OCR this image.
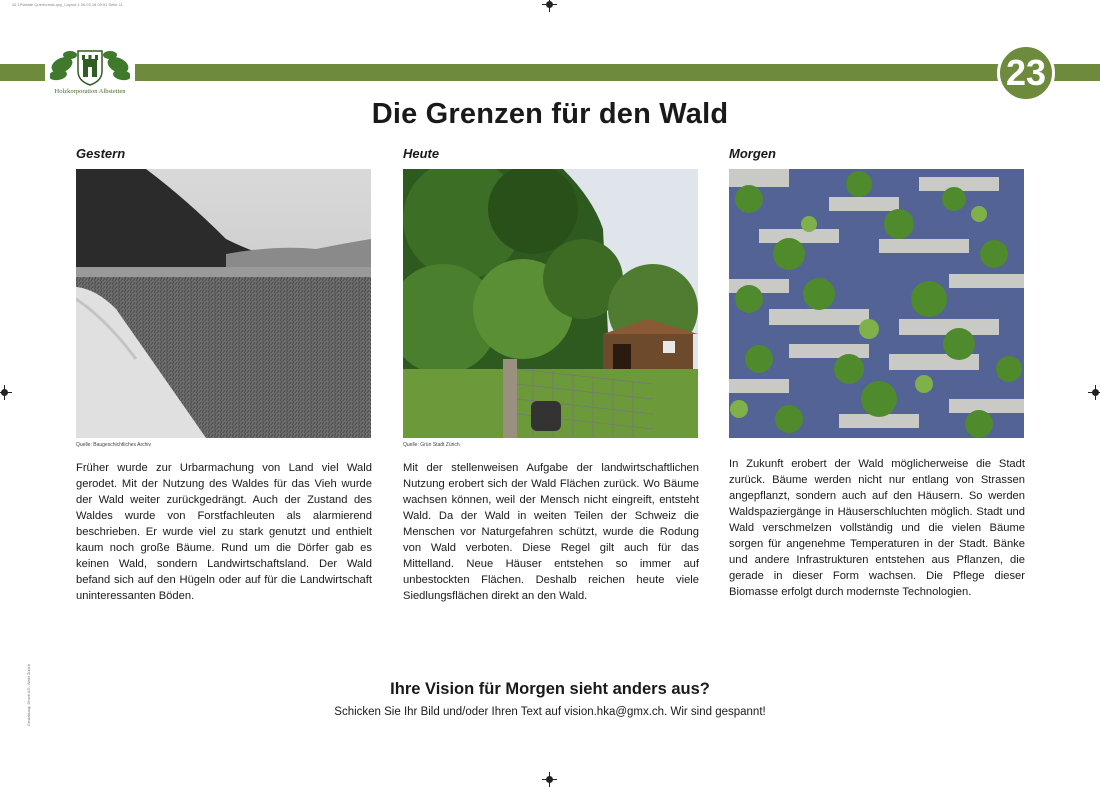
26 1Plakate Querformat.qxp_Layout 1 26.03.18 09:51 Seite 11
Holzkorporation Albstetten	23
Die Grenzen für den Wald
Gestern
Quelle: Baugeschichtliches Archiv
Früher wurde zur Urbarmachung von Land viel Wald gerodet. Mit der Nutzung des Waldes für das Vieh wurde der Wald weiter zurückgedrängt. Auch der Zustand des Waldes wurde von Forstfachleuten als alarmierend beschrieben. Er wurde viel zu stark genutzt und enthielt kaum noch große Bäume. Rund um die Dörfer gab es keinen Wald, sondern Landwirtschaftsland. Der Wald befand sich auf den Hügeln oder auf für die Landwirtschaft uninteressanten Böden.
Heute
Quelle: Grün Stadt Zürich
Mit der stellenweisen Aufgabe der landwirtschaftlichen Nutzung erobert sich der Wald Flächen zurück. Wo Bäume wachsen können, weil der Mensch nicht eingreift, entsteht Wald. Da der Wald in weiten Teilen der Schweiz die Menschen vor Naturgefahren schützt, wurde die Rodung von Wald verboten. Diese Regel gilt auch für das Mittelland. Neue Häuser entstehen so immer auf unbestockten Flächen. Deshalb reichen heute viele Siedlungsflächen direkt an den Wald.
Morgen
In Zukunft erobert der Wald möglicherweise die Stadt zurück. Bäume werden nicht nur entlang von Strassen angepflanzt, sondern auch auf den Häusern. So werden Waldspaziergänge in Häuserschluchten möglich. Stadt und Wald verschmelzen vollständig und die vielen Bäume sorgen für angenehme Temperaturen in der Stadt. Bänke und andere Infrastrukturen entstehen aus Pflanzen, die gerade in dieser Form wachsen. Die Pflege dieser Biomasse erfolgt durch modernste Technologien.
Ihre Vision für Morgen sieht anders aus?
Schicken Sie Ihr Bild und/oder Ihren Text auf vision.hka@gmx.ch. Wir sind gespannt!
Gestaltung: Druck AG, Wald Zürich
